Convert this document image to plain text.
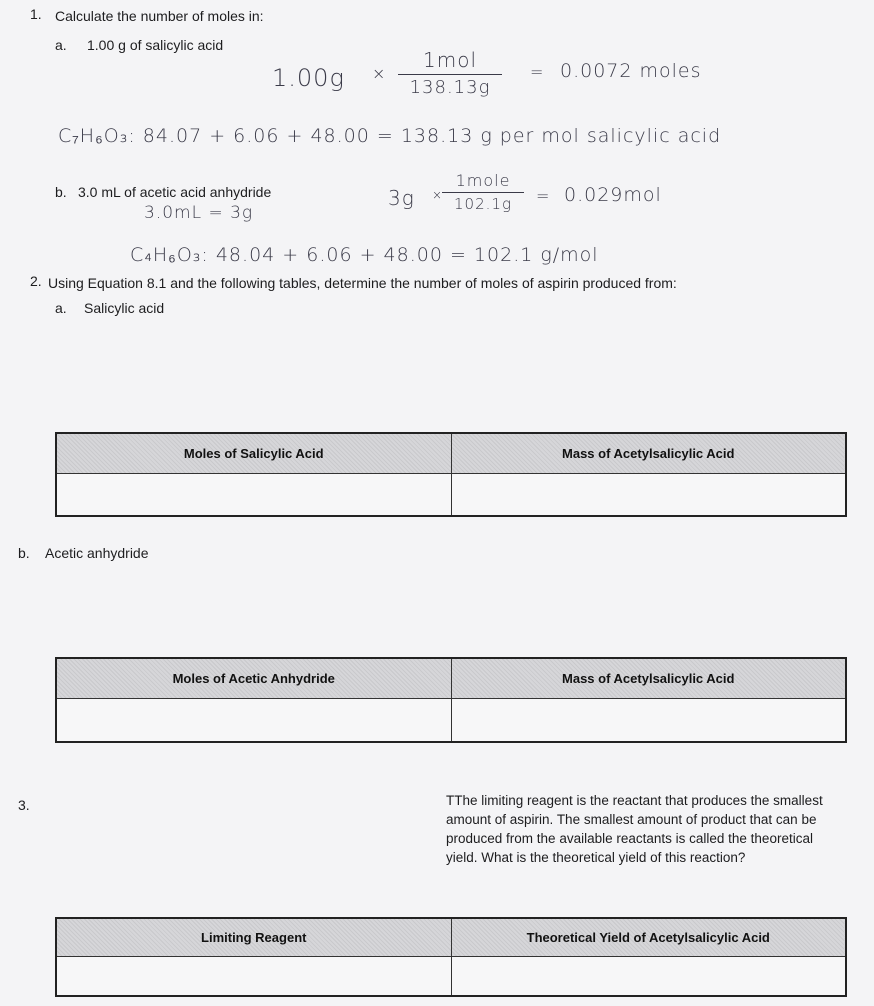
1. Calculate the number of moles in:
a. 1.00 g of salicylic acid
1.00g ×
1mol
138.13g
= 0.0072 moles
C₇H₆O₃: 84.07 + 6.06 + 48.00 = 138.13 g per mol salicylic acid
b. 3.0 mL of acetic acid anhydride
3.0mL = 3g
3g ×
1mole
102.1g = 0.029mol
C₄H₆O₃: 48.04 + 6.06 + 48.00 = 102.1 g/mol
2. Using Equation 8.1 and the following tables, determine the number of moles of aspirin produced from:
a. Salicylic acid
Moles of Salicylic Acid	Mass of Acetylsalicylic Acid

b. Acetic anhydride
Moles of Acetic Anhydride	Mass of Acetylsalicylic Acid

3.	TThe limiting reagent is the reactant that produces the smallest amount of aspirin. The smallest amount of product that can be produced from the available reactants is called the theoretical yield. What is the theoretical yield of this reaction?
Limiting Reagent	Theoretical Yield of Acetylsalicylic Acid
